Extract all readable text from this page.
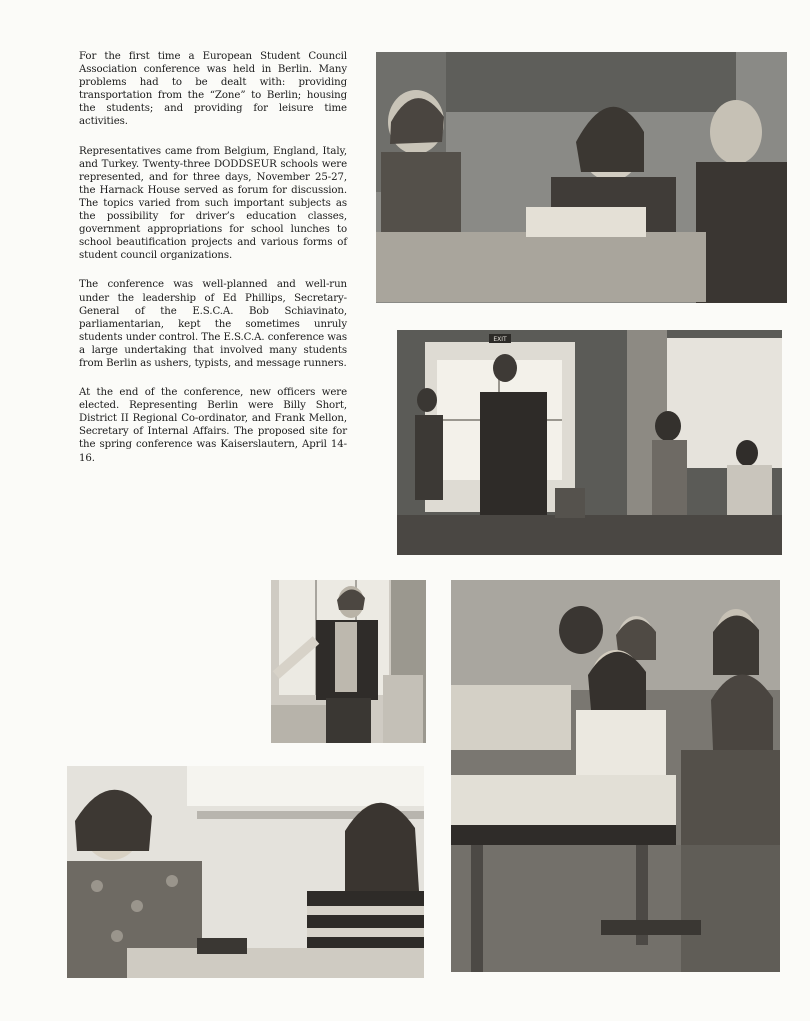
For the first time a European Student Council Association conference was held in Berlin. Many problems had to be dealt with: providing transportation from the “Zone” to Berlin; housing the students; and providing for leisure time activities.

Representatives came from Belgium, England, Italy, and Turkey. Twenty-three DODDSEUR schools were represented, and for three days, November 25-27, the Harnack House served as forum for discussion. The topics varied from such important subjects as the possibility for driver’s education classes, government appropriations for school lunches to school beautification projects and various forms of student council organizations.

The conference was well-planned and well-run under the leadership of Ed Phillips, Secretary-General of the E.S.C.A. Bob Schiavinato, parliamentarian, kept the sometimes unruly students under control. The E.S.C.A. conference was a large undertaking that involved many students from Berlin as ushers, typists, and message runners.

At the end of the conference, new officers were elected. Representing Berlin were Billy Short, District II Regional Co-ordinator, and Frank Mellon, Secretary of Internal Affairs. The proposed site for the spring conference was Kaiserslautern, April 14-16.

EXIT
